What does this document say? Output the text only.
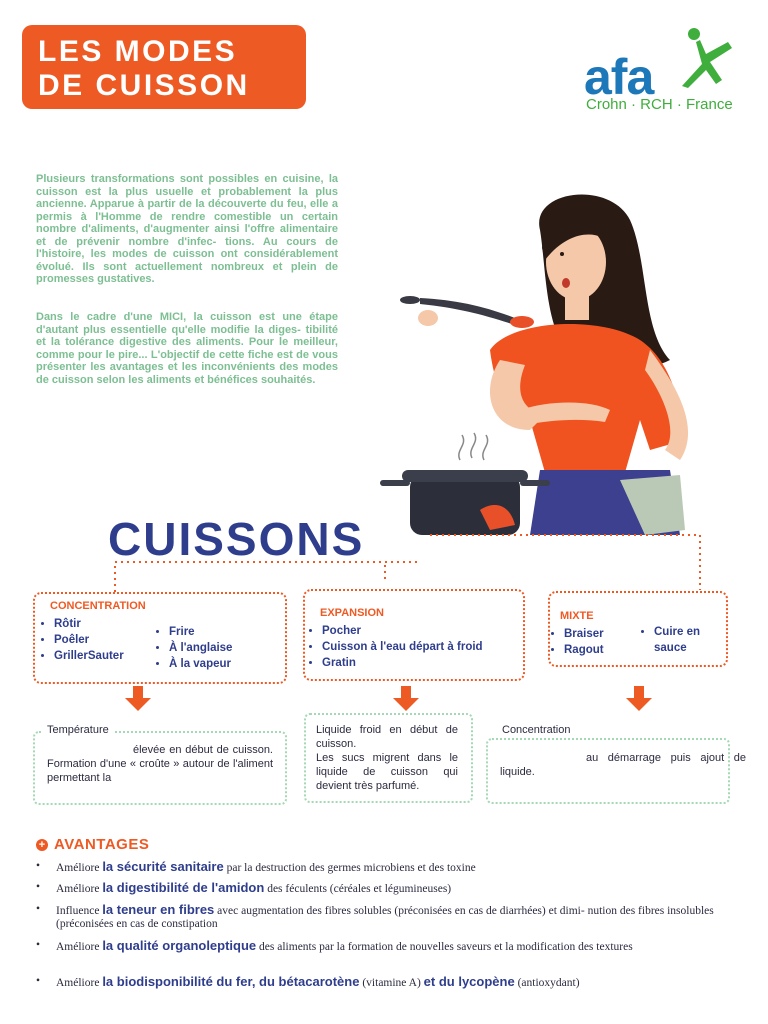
LES MODES
DE CUISSON	afa
Crohn · RCH · France

Plusieurs transformations sont possibles en cuisine, la cuisson est la plus usuelle et probablement la plus ancienne. Apparue à partir de la découverte du feu, elle a permis à l'Homme de rendre comestible un certain nombre d'aliments, d'augmenter ainsi l'offre alimentaire et de prévenir nombre d'infec- tions. Au cours de l'histoire, les modes de cuisson ont considérablement évolué. Ils sont actuellement nombreux et plein de promesses gustatives.

Dans le cadre d'une MICI, la cuisson est une étape d'autant plus essentielle qu'elle modifie la diges- tibilité et la tolérance digestive des aliments. Pour le meilleur, comme pour le pire... L'objectif de cette fiche est de vous présenter les avantages et les inconvénients des modes de cuisson selon les aliments et bénéfices souhaités.

CUISSONS
CONCENTRATION
• Rôtir
• Poêler
• GrillerSauter
• Frire
• À l'anglaise
• À la vapeur
EXPANSION
• Pocher
• Cuisson à l'eau départ à froid
• Gratin
MIXTE
• Braiser
• Ragout
• Cuire en sauce
Température

élevée en début de cuisson. Formation d'une « croûte » autour de l'aliment permettant la

Liquide froid en début de cuisson.

Les sucs migrent dans le liquide de cuisson qui devient très parfumé.

Concentration

au démarrage puis ajout de liquide.

+ AVANTAGES
•	Améliore la sécurité sanitaire par la destruction des germes microbiens et des toxine
•	Améliore la digestibilité de l'amidon des féculents (céréales et légumineuses)
•	Influence la teneur en fibres avec augmentation des fibres solubles (préconisées en cas de diarrhées) et dimi- nution des fibres insolubles (préconisées en cas de constipation
•	Améliore la qualité organoleptique des aliments par la formation de nouvelles saveurs et la modification des textures
•	Améliore la biodisponibilité du fer, du bétacarotène (vitamine A) et du lycopène (antioxydant)
